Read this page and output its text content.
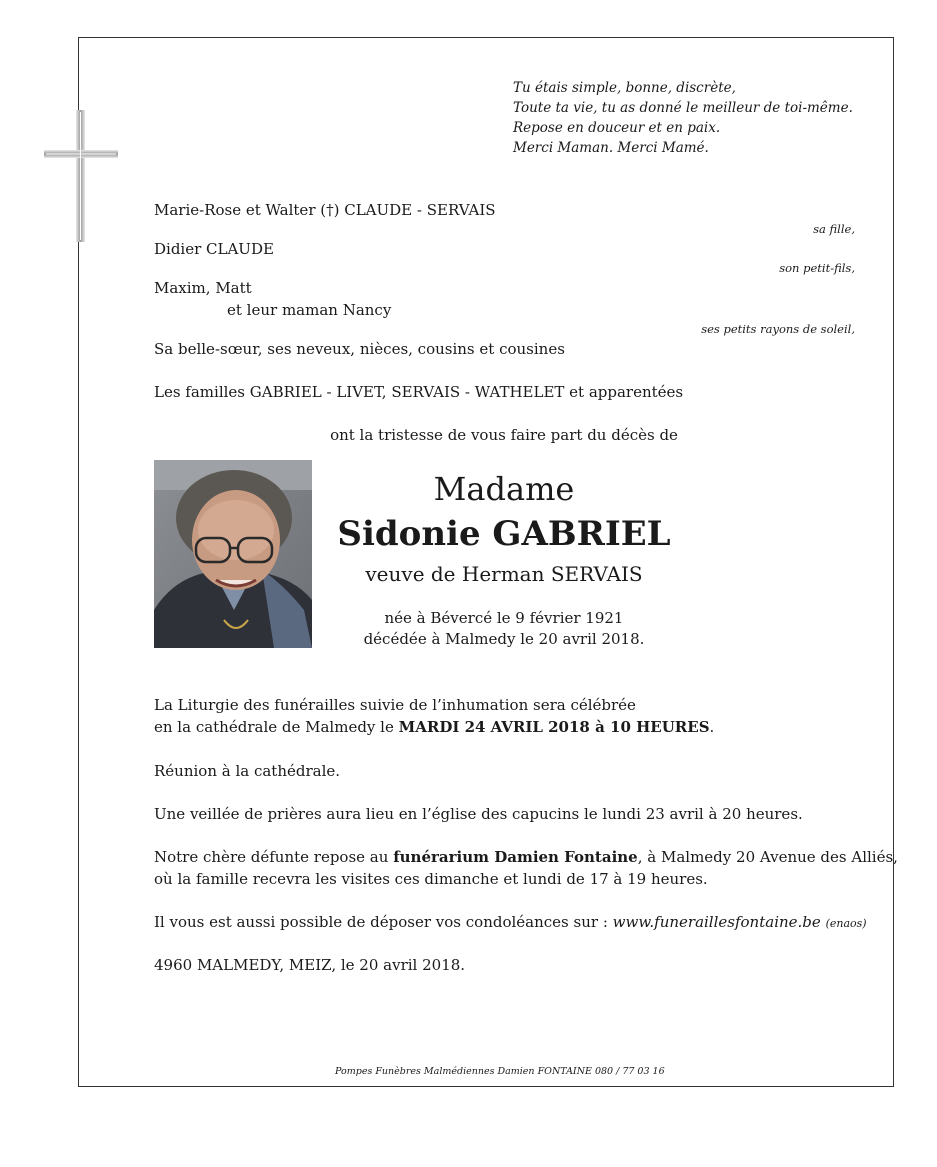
Tu étais simple, bonne, discrète,
Toute ta vie, tu as donné le meilleur de toi-même.
Repose en douceur et en paix.
Merci Maman. Merci Mamé.
Marie-Rose et Walter (†) CLAUDE - SERVAIS
sa fille,
Didier CLAUDE
son petit-fils,
Maxim, Matt
et leur maman Nancy
ses petits rayons de soleil,
Sa belle-sœur, ses neveux, nièces, cousins et cousines
Les familles GABRIEL - LIVET, SERVAIS - WATHELET et apparentées
ont la tristesse de vous faire part du décès de
Madame
Sidonie GABRIEL
veuve de Herman SERVAIS
née à Bévercé le 9 février 1921
décédée à Malmedy le 20 avril 2018.
La Liturgie des funérailles suivie de l’inhumation sera célébrée
en la cathédrale de Malmedy le MARDI 24 AVRIL 2018 à 10 HEURES.
Réunion à la cathédrale.
Une veillée de prières aura lieu en l’église des capucins le lundi 23 avril à 20 heures.
Notre chère défunte repose au funérarium Damien Fontaine, à Malmedy 20 Avenue des Alliés,
où la famille recevra les visites ces dimanche et lundi de 17 à 19 heures.
Il vous est aussi possible de déposer vos condoléances sur : www.funeraillesfontaine.be (enaos)
4960 MALMEDY, MEIZ, le 20 avril 2018.
Pompes Funèbres Malmédiennes Damien FONTAINE 080 / 77 03 16
